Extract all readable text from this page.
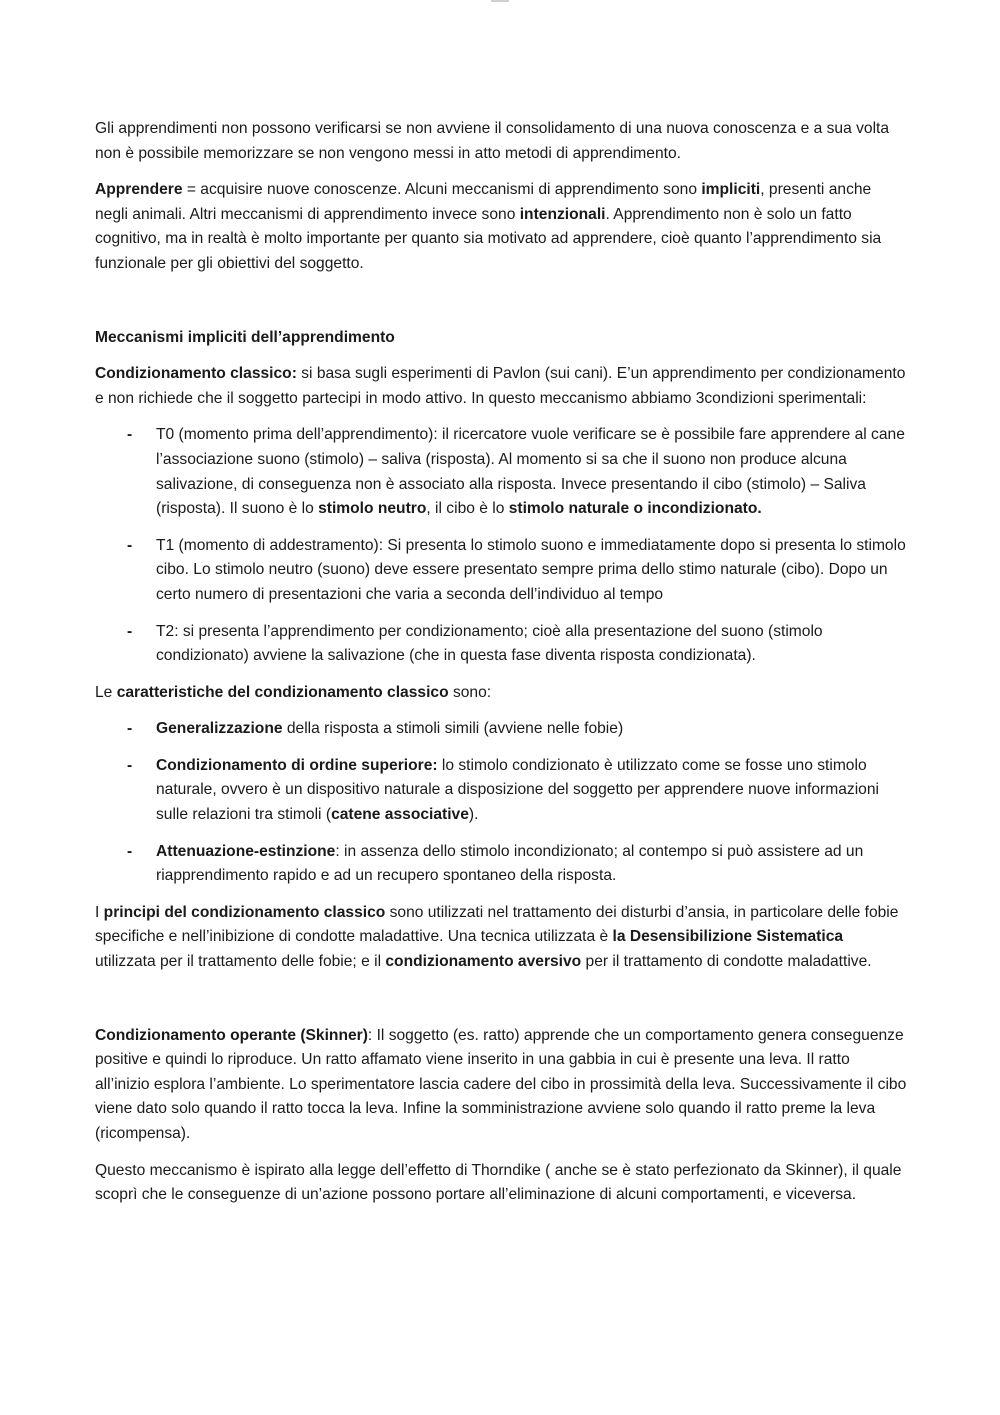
Gli apprendimenti non possono verificarsi se non avviene il consolidamento di una nuova conoscenza e a sua volta non è possibile memorizzare se non vengono messi in atto metodi di apprendimento.

Apprendere = acquisire nuove conoscenze. Alcuni meccanismi di apprendimento sono impliciti, presenti anche negli animali. Altri meccanismi di apprendimento invece sono intenzionali. Apprendimento non è solo un fatto cognitivo, ma in realtà è molto importante per quanto sia motivato ad apprendere, cioè quanto l’apprendimento sia funzionale per gli obiettivi del soggetto.

Meccanismi impliciti dell’apprendimento

Condizionamento classico: si basa sugli esperimenti di Pavlon (sui cani). E’un apprendimento per condizionamento e non richiede che il soggetto partecipi in modo attivo. In questo meccanismo abbiamo 3condizioni sperimentali:

- T0 (momento prima dell’apprendimento): il ricercatore vuole verificare se è possibile fare apprendere al cane l’associazione suono (stimolo) – saliva (risposta). Al momento si sa che il suono non produce alcuna salivazione, di conseguenza non è associato alla risposta. Invece presentando il cibo (stimolo) – Saliva (risposta). Il suono è lo stimolo neutro, il cibo è lo stimolo naturale o incondizionato.
- T1 (momento di addestramento): Si presenta lo stimolo suono e immediatamente dopo si presenta lo stimolo cibo. Lo stimolo neutro (suono) deve essere presentato sempre prima dello stimo naturale (cibo). Dopo un certo numero di presentazioni che varia a seconda dell’individuo al tempo
- T2: si presenta l’apprendimento per condizionamento; cioè alla presentazione del suono (stimolo condizionato) avviene la salivazione (che in questa fase diventa risposta condizionata).

Le caratteristiche del condizionamento classico sono:

- Generalizzazione della risposta a stimoli simili (avviene nelle fobie)
- Condizionamento di ordine superiore: lo stimolo condizionato è utilizzato come se fosse uno stimolo naturale, ovvero è un dispositivo naturale a disposizione del soggetto per apprendere nuove informazioni sulle relazioni tra stimoli (catene associative).
- Attenuazione-estinzione: in assenza dello stimolo incondizionato; al contempo si può assistere ad un riapprendimento rapido e ad un recupero spontaneo della risposta.

I principi del condizionamento classico sono utilizzati nel trattamento dei disturbi d’ansia, in particolare delle fobie specifiche e nell’inibizione di condotte maladattive. Una tecnica utilizzata è la Desensibilizione Sistematica utilizzata per il trattamento delle fobie; e il condizionamento aversivo per il trattamento di condotte maladattive.

Condizionamento operante (Skinner): Il soggetto (es. ratto) apprende che un comportamento genera conseguenze positive e quindi lo riproduce. Un ratto affamato viene inserito in una gabbia in cui è presente una leva. Il ratto all’inizio esplora l’ambiente. Lo sperimentatore lascia cadere del cibo in prossimità della leva. Successivamente il cibo viene dato solo quando il ratto tocca la leva. Infine la somministrazione avviene solo quando il ratto preme la leva (ricompensa).

Questo meccanismo è ispirato alla legge dell’effetto di Thorndike ( anche se è stato perfezionato da Skinner), il quale scoprì che le conseguenze di un’azione possono portare all’eliminazione di alcuni comportamenti, e viceversa.
